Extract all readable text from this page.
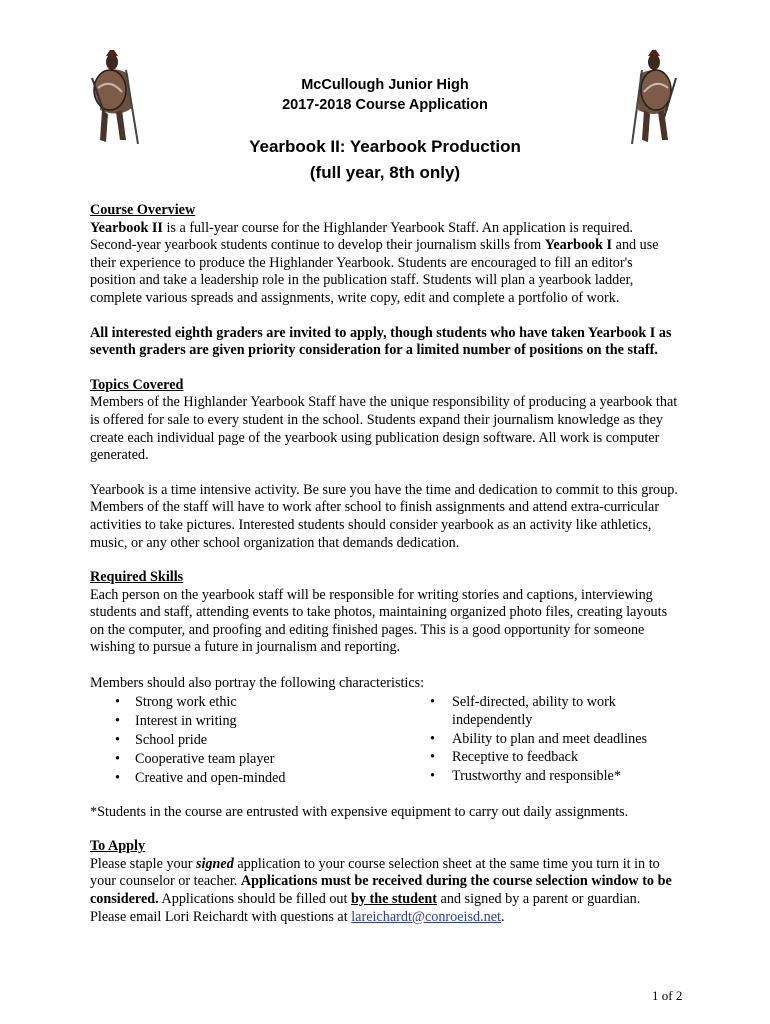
McCullough Junior High
2017-2018 Course Application
Yearbook II: Yearbook Production
(full year, 8th only)

Course Overview
Yearbook II is a full-year course for the Highlander Yearbook Staff. An application is required. Second-year yearbook students continue to develop their journalism skills from Yearbook I and use their experience to produce the Highlander Yearbook. Students are encouraged to fill an editor's position and take a leadership role in the publication staff. Students will plan a yearbook ladder, complete various spreads and assignments, write copy, edit and complete a portfolio of work.

All interested eighth graders are invited to apply, though students who have taken Yearbook I as seventh graders are given priority consideration for a limited number of positions on the staff.

Topics Covered
Members of the Highlander Yearbook Staff have the unique responsibility of producing a yearbook that is offered for sale to every student in the school. Students expand their journalism knowledge as they create each individual page of the yearbook using publication design software. All work is computer generated.

Yearbook is a time intensive activity. Be sure you have the time and dedication to commit to this group. Members of the staff will have to work after school to finish assignments and attend extra-curricular activities to take pictures. Interested students should consider yearbook as an activity like athletics, music, or any other school organization that demands dedication.

Required Skills
Each person on the yearbook staff will be responsible for writing stories and captions, interviewing students and staff, attending events to take photos, maintaining organized photo files, creating layouts on the computer, and proofing and editing finished pages. This is a good opportunity for someone wishing to pursue a future in journalism and reporting.

Members should also portray the following characteristics:

• Strong work ethic
• Interest in writing
• School pride
• Cooperative team player
• Creative and open-minded
• Self-directed, ability to work independently
• Ability to plan and meet deadlines
• Receptive to feedback
• Trustworthy and responsible*

*Students in the course are entrusted with expensive equipment to carry out daily assignments.

To Apply
Please staple your signed application to your course selection sheet at the same time you turn it in to your counselor or teacher. Applications must be received during the course selection window to be considered. Applications should be filled out by the student and signed by a parent or guardian. Please email Lori Reichardt with questions at lareichardt@conroeisd.net.

1 of 2
